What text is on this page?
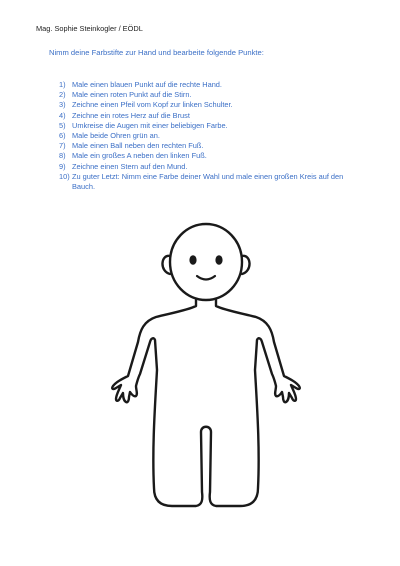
Mag. Sophie Steinkogler / EÖDL
Nimm deine Farbstifte zur Hand und bearbeite folgende Punkte:
1) Male einen blauen Punkt auf die rechte Hand.
2) Male einen roten Punkt auf die Stirn.
3) Zeichne einen Pfeil vom Kopf zur linken Schulter.
4) Zeichne ein rotes Herz auf die Brust
5) Umkreise die Augen mit einer beliebigen Farbe.
6) Male beide Ohren grün an.
7) Male einen Ball neben den rechten Fuß.
8) Male ein großes A neben den linken Fuß.
9) Zeichne einen Stern auf den Mund.
10) Zu guter Letzt: Nimm eine Farbe deiner Wahl und male einen großen Kreis auf den Bauch.
